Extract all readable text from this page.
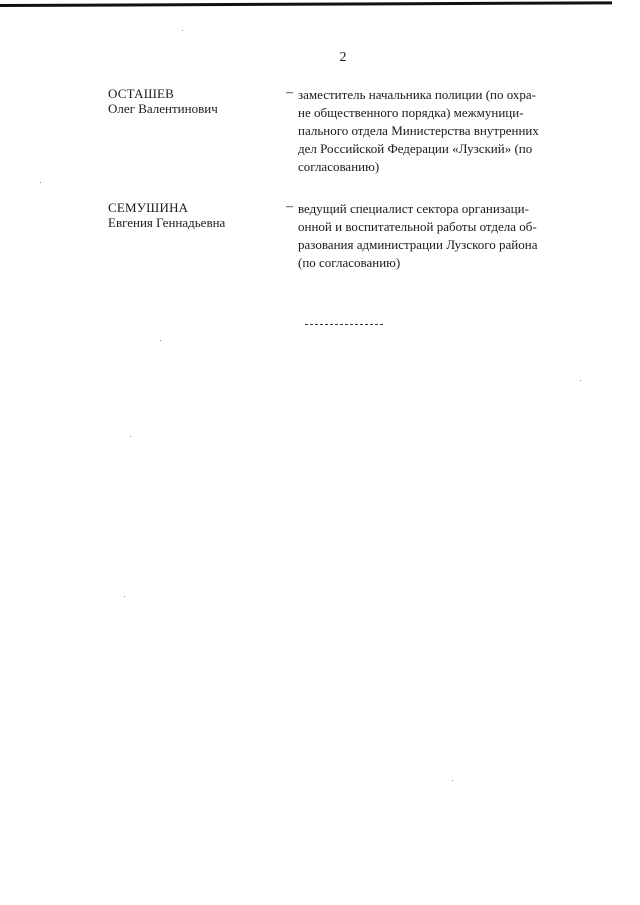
2
ОСТАШЕВ
Олег Валентинович
– заместитель начальника полиции (по охра-
не общественного порядка) межмуници-
пального отдела Министерства внутренних
дел Российской Федерации «Лузский» (по
согласованию)
СЕМУШИНА
Евгения Геннадьевна
– ведущий специалист сектора организаци-
онной и воспитательной работы отдела об-
разования администрации Лузского района
(по согласованию)
